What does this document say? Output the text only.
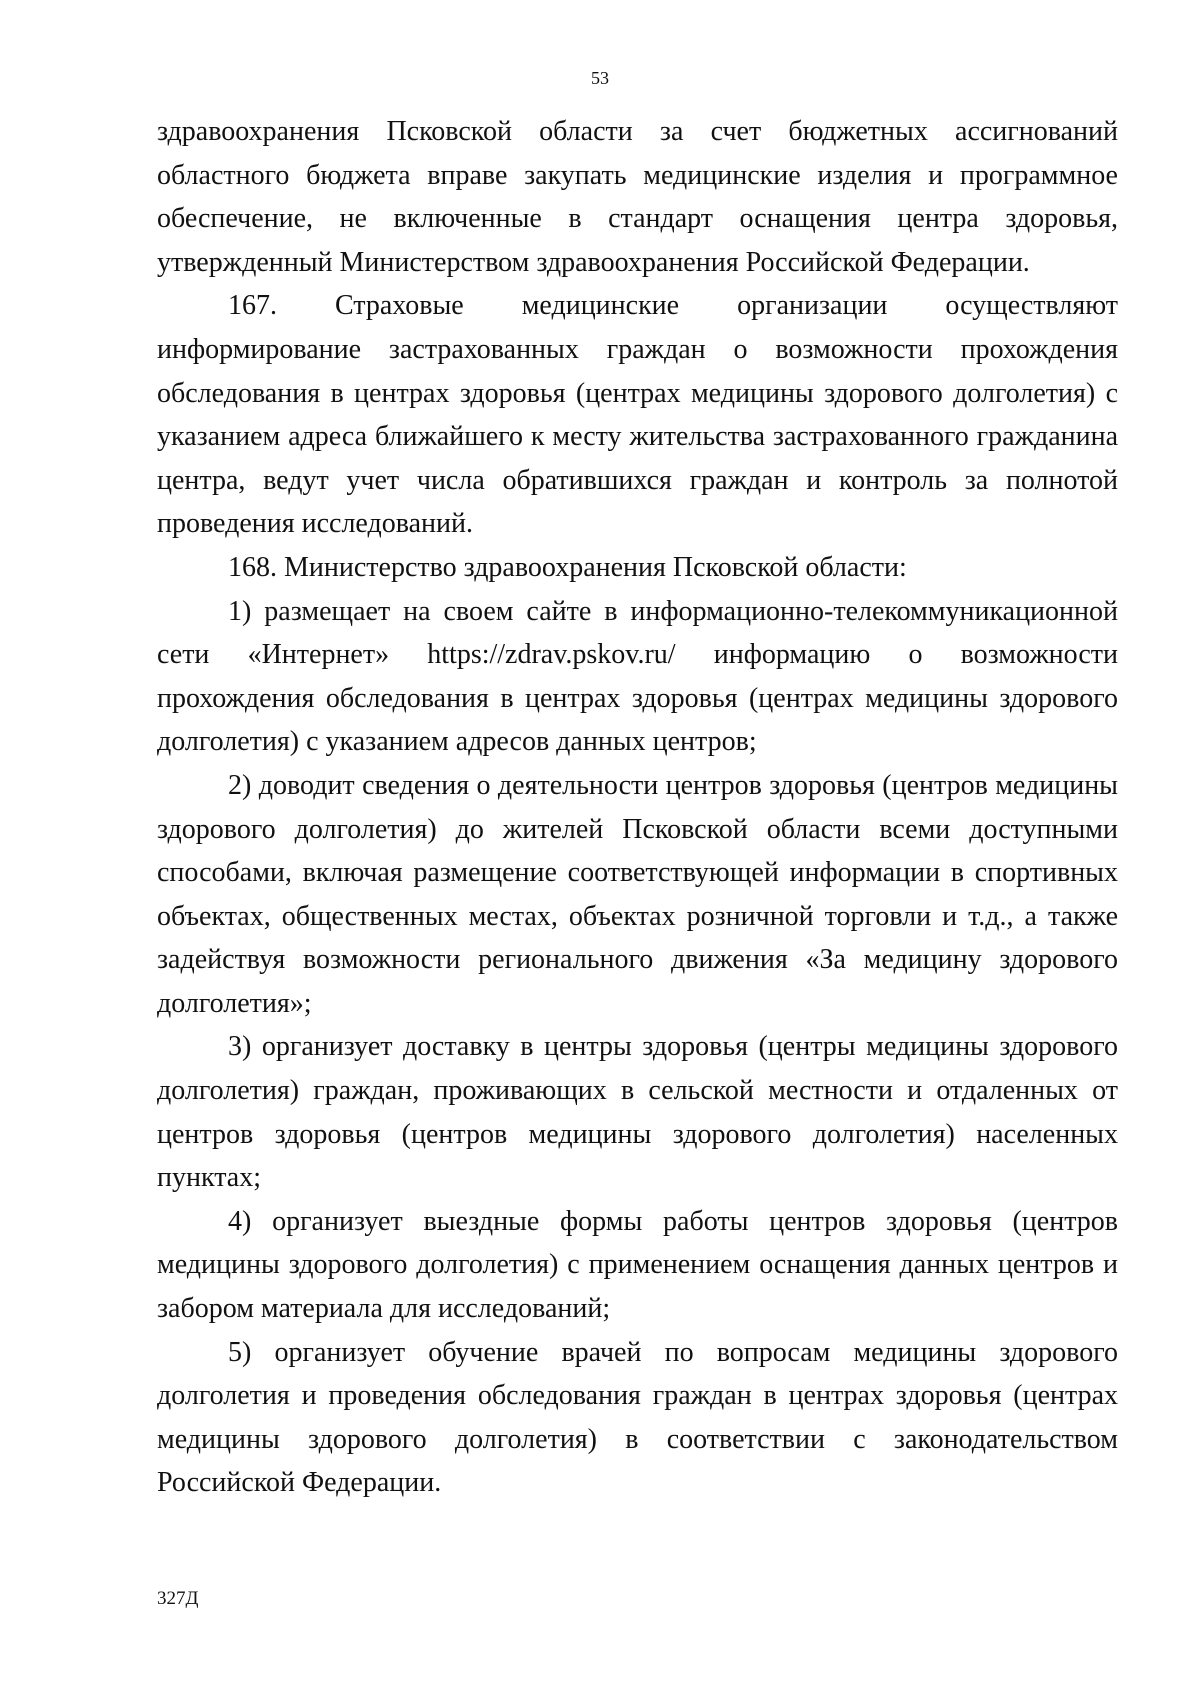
53

здравоохранения Псковской области за счет бюджетных ассигнований областного бюджета вправе закупать медицинские изделия и программное обеспечение, не включенные в стандарт оснащения центра здоровья, утвержденный Министерством здравоохранения Российской Федерации.

167. Страховые медицинские организации осуществляют информирование застрахованных граждан о возможности прохождения обследования в центрах здоровья (центрах медицины здорового долголетия) с указанием адреса ближайшего к месту жительства застрахованного гражданина центра, ведут учет числа обратившихся граждан и контроль за полнотой проведения исследований.

168. Министерство здравоохранения Псковской области:

1) размещает на своем сайте в информационно-телекоммуникационной сети «Интернет» https://zdrav.pskov.ru/ информацию о возможности прохождения обследования в центрах здоровья (центрах медицины здорового долголетия) с указанием адресов данных центров;

2) доводит сведения о деятельности центров здоровья (центров медицины здорового долголетия) до жителей Псковской области всеми доступными способами, включая размещение соответствующей информации в спортивных объектах, общественных местах, объектах розничной торговли и т.д., а также задействуя возможности регионального движения «За медицину здорового долголетия»;

3) организует доставку в центры здоровья (центры медицины здорового долголетия) граждан, проживающих в сельской местности и отдаленных от центров здоровья (центров медицины здорового долголетия) населенных пунктах;

4) организует выездные формы работы центров здоровья (центров медицины здорового долголетия) с применением оснащения данных центров и забором материала для исследований;

5) организует обучение врачей по вопросам медицины здорового долголетия и проведения обследования граждан в центрах здоровья (центрах медицины здорового долголетия) в соответствии с законодательством Российской Федерации.

327Д
